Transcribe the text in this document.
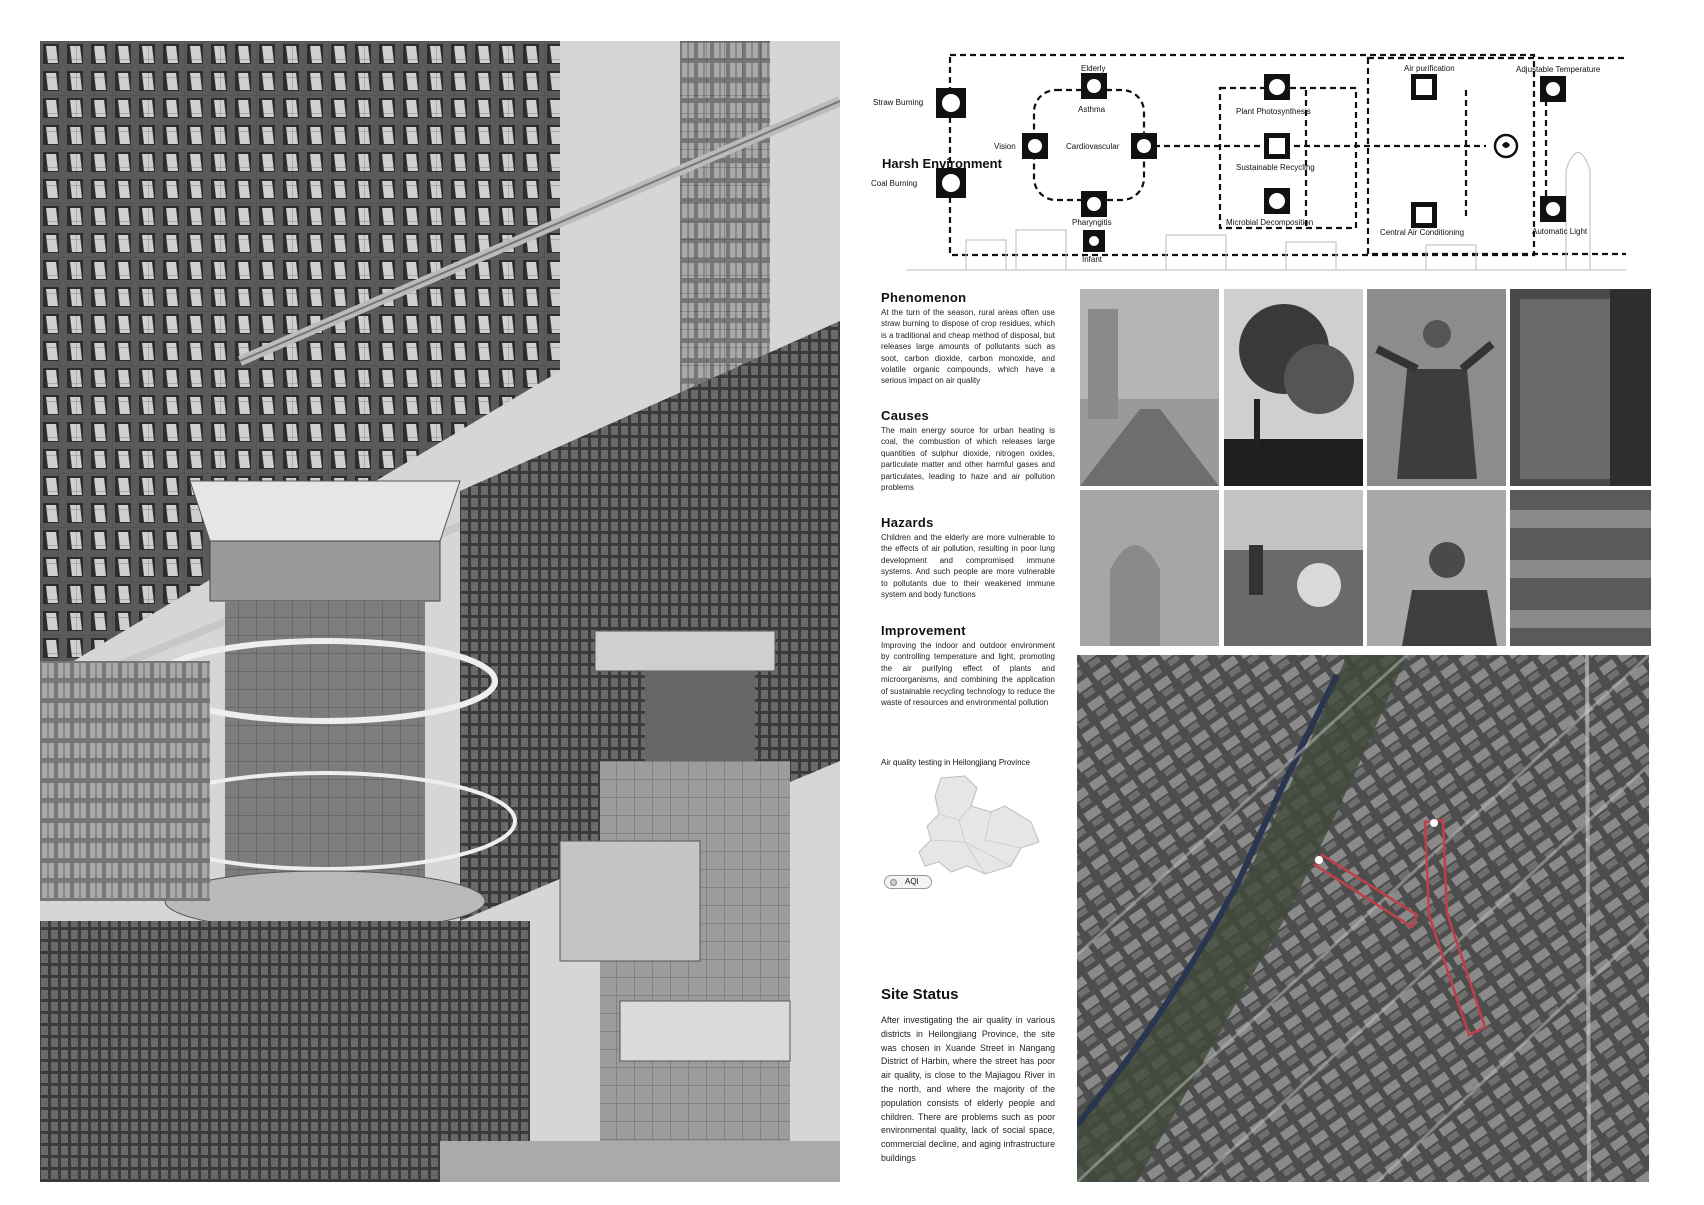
Harsh Environment
Straw Burning
Coal Burning
Elderly
Asthma
Vision	Cardiovascular
Pharyngitis
Infant
Plant Photosynthesis
Sustainable Recycling
Microbial Decomposition
Air purification
Central Air Conditioning
Adjustable Temperature
Automatic Light
Phenomenon
At the turn of the season, rural areas often use straw burning to dispose of crop residues, which is a traditional and cheap method of disposal, but releases large amounts of pollutants such as soot, carbon dioxide, carbon monoxide, and volatile organic compounds, which have a serious impact on air quality
Causes
The main energy source for urban heating is coal, the combustion of which releases large quantities of sulphur dioxide, nitrogen oxides, particulate matter and other harmful gases and particulates, leading to haze and air pollution problems
Hazards
Children and the elderly are more vulnerable to the effects of air pollution, resulting in poor lung development and compromised immune systems. And such people are more vulnerable to pollutants due to their weakened immune system and body functions
Improvement
Improving the indoor and outdoor environment by controlling temperature and light, promoting the air purifying effect of plants and microorganisms, and combining the application of sustainable recycling technology to reduce the waste of resources and environmental pollution
Air quality testing in Heilongjiang Province
AQI
Site Status
After investigating the air quality in various districts in Heilongjiang Province, the site was chosen in Xuande Street in Nangang District of Harbin, where the street has poor air quality, is close to the Majiagou River in the north, and where the majority of the population consists of elderly people and children. There are problems such as poor environmental quality, lack of social space, commercial decline, and aging infrastructure buildings
